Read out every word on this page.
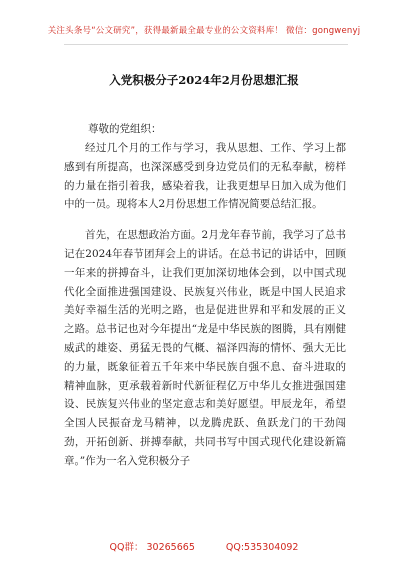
关注头条号“公文研究”，获得最新最全最专业的公文资料库！ 微信：gongwenyj
入党积极分子2024年2月份思想汇报
尊敬的党组织：

经过几个月的工作与学习，我从思想、工作、学习上都感到有所提高，也深深感受到身边党员们的无私奉献，榜样的力量在指引着我，感染着我，让我更想早日加入成为他们中的一员。现将本人2月份思想工作情况简要总结汇报。

首先，在思想政治方面。2月龙年春节前，我学习了总书记在2024年春节团拜会上的讲话。在总书记的讲话中，回顾一年来的拼搏奋斗，让我们更加深切地体会到，以中国式现代化全面推进强国建设、民族复兴伟业，既是中国人民追求美好幸福生活的光明之路，也是促进世界和平和发展的正义之路。总书记也对今年提出“龙是中华民族的图腾，具有刚健威武的雄姿、勇猛无畏的气概、福泽四海的情怀、强大无比的力量，既象征着五千年来中华民族自强不息、奋斗进取的精神血脉，更承载着新时代新征程亿万中华儿女推进强国建设、民族复兴伟业的坚定意志和美好愿望。甲辰龙年，希望全国人民振奋龙马精神，以龙腾虎跃、鱼跃龙门的干劲闯劲，开拓创新、拼搏奉献，共同书写中国式现代化建设新篇章。”作为一名入党积极分子

QQ群： 30265665	QQ:535304092
